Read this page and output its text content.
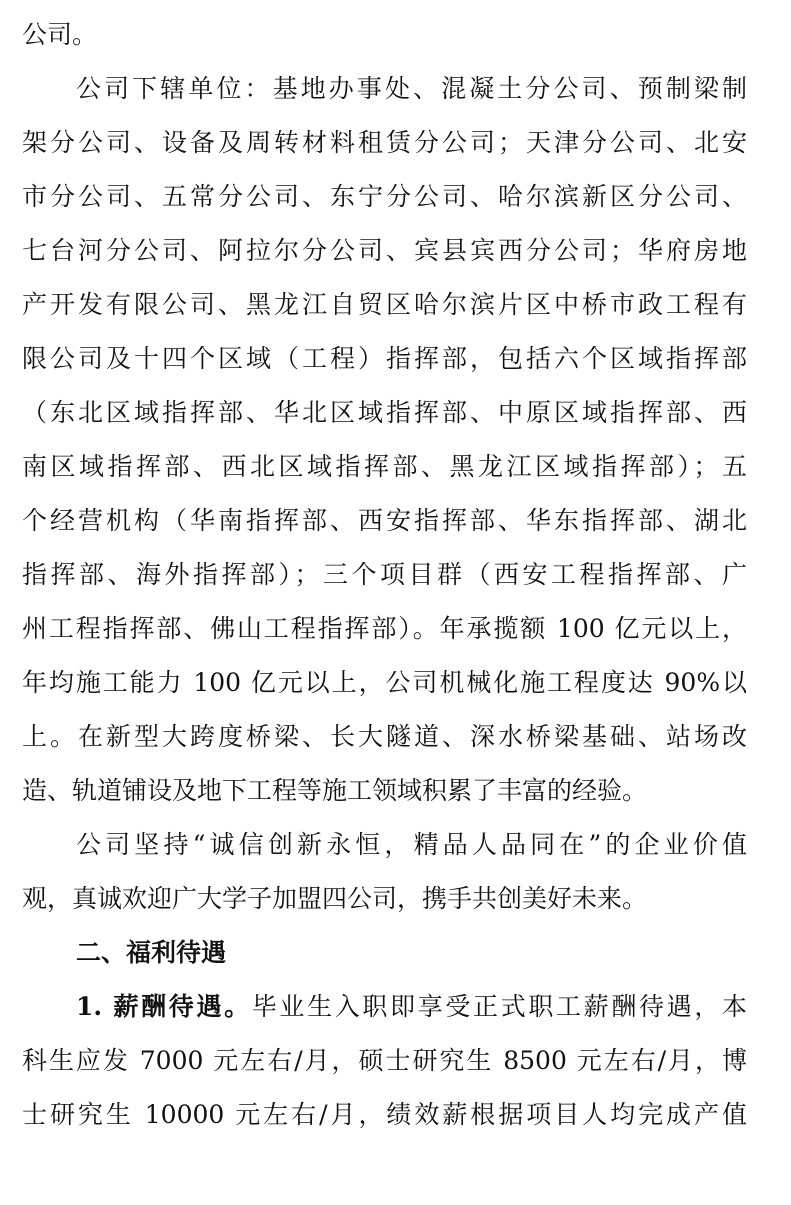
公司。
公司下辖单位：基地办事处、混凝土分公司、预制梁制
架分公司、设备及周转材料租赁分公司；天津分公司、北安
市分公司、五常分公司、东宁分公司、哈尔滨新区分公司、
七台河分公司、阿拉尔分公司、宾县宾西分公司；华府房地
产开发有限公司、黑龙江自贸区哈尔滨片区中桥市政工程有
限公司及十四个区域（工程）指挥部，包括六个区域指挥部
（东北区域指挥部、华北区域指挥部、中原区域指挥部、西
南区域指挥部、西北区域指挥部、黑龙江区域指挥部）；五
个经营机构（华南指挥部、西安指挥部、华东指挥部、湖北
指挥部、海外指挥部）；三个项目群（西安工程指挥部、广
州工程指挥部、佛山工程指挥部）。年承揽额 100 亿元以上，
年均施工能力 100 亿元以上，公司机械化施工程度达 90%以
上。在新型大跨度桥梁、长大隧道、深水桥梁基础、站场改
造、轨道铺设及地下工程等施工领域积累了丰富的经验。
公司坚持“诚信创新永恒，精品人品同在”的企业价值
观，真诚欢迎广大学子加盟四公司，携手共创美好未来。
二、福利待遇
1. 薪酬待遇。毕业生入职即享受正式职工薪酬待遇，本
科生应发 7000 元左右/月，硕士研究生 8500 元左右/月，博
士研究生 10000 元左右/月，绩效薪根据项目人均完成产值
